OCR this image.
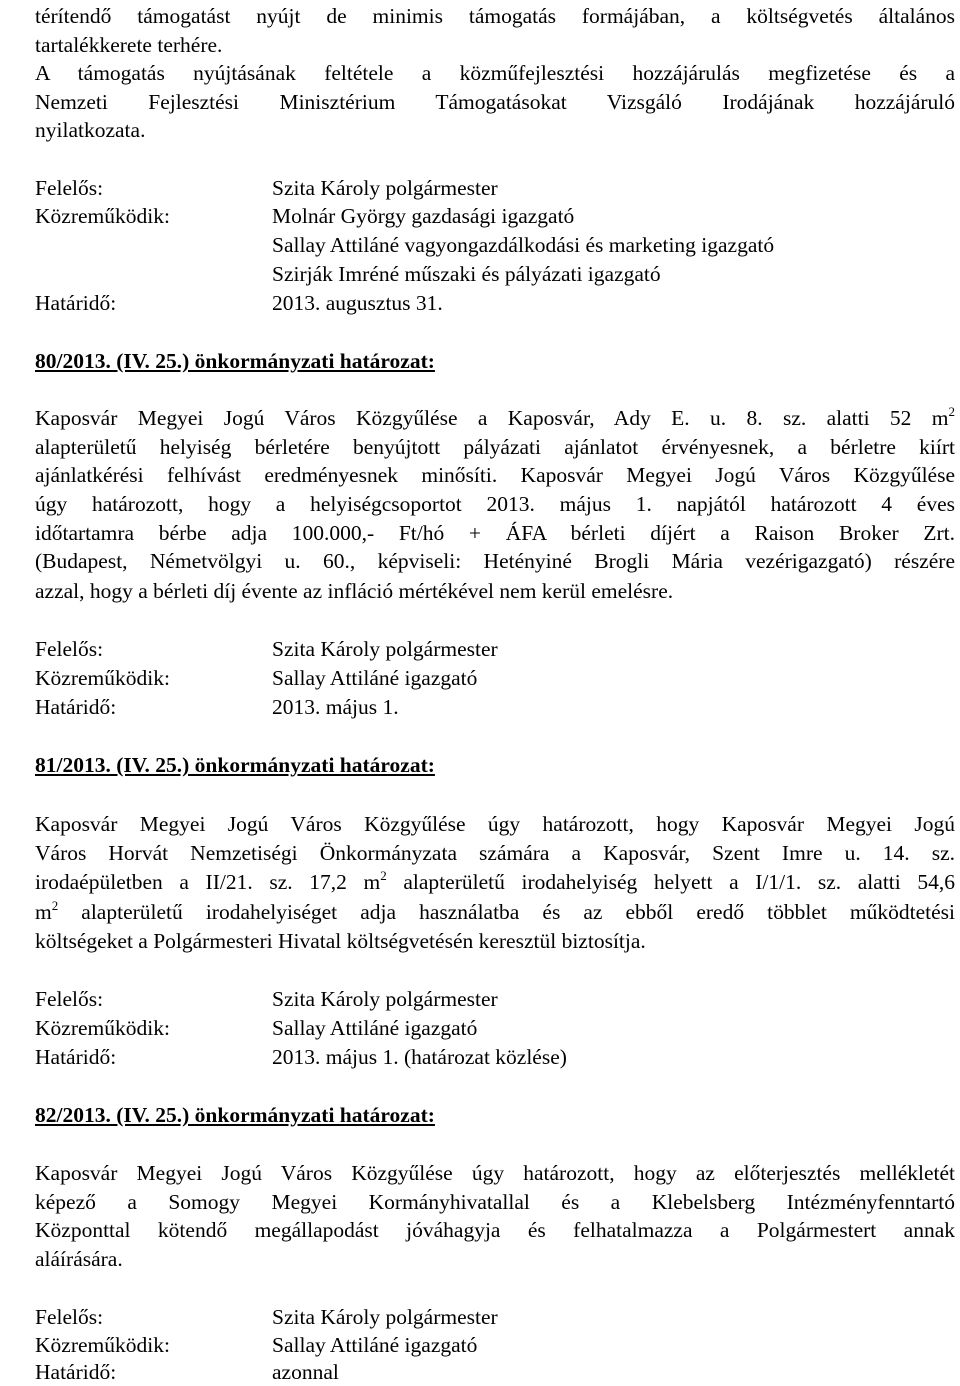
térítendő támogatást nyújt de minimis támogatás formájában, a költségvetés általános
tartalékkerete terhére.
A támogatás nyújtásának feltétele a közműfejlesztési hozzájárulás megfizetése és a
Nemzeti Fejlesztési Minisztérium Támogatásokat Vizsgáló Irodájának hozzájáruló
nyilatkozata.
Felelős:	Szita Károly polgármester
Közreműködik:	Molnár György gazdasági igazgató
Sallay Attiláné vagyongazdálkodási és marketing igazgató
Szirják Imréné műszaki és pályázati igazgató
Határidő:	2013. augusztus 31.
80/2013. (IV. 25.) önkormányzati határozat:
Kaposvár Megyei Jogú Város Közgyűlése a Kaposvár, Ady E. u. 8. sz. alatti 52 $m^2$
alapterületű helyiség bérletére benyújtott pályázati ajánlatot érvényesnek, a bérletre kiírt
ajánlatkérési felhívást eredményesnek minősíti. Kaposvár Megyei Jogú Város Közgyűlése
úgy határozott, hogy a helyiségcsoportot 2013. május 1. napjától határozott 4 éves
időtartamra bérbe adja 100.000,- Ft/hó + ÁFA bérleti díjért a Raison Broker Zrt.
(Budapest, Németvölgyi u. 60., képviseli: Hetényiné Brogli Mária vezérigazgató) részére
azzal, hogy a bérleti díj évente az infláció mértékével nem kerül emelésre.
Felelős:	Szita Károly polgármester
Közreműködik:	Sallay Attiláné igazgató
Határidő:	2013. május 1.
81/2013. (IV. 25.) önkormányzati határozat:
Kaposvár Megyei Jogú Város Közgyűlése úgy határozott, hogy Kaposvár Megyei Jogú
Város Horvát Nemzetiségi Önkormányzata számára a Kaposvár, Szent Imre u. 14. sz.
irodaépületben a II/21. sz. 17,2 $m^2$ alapterületű irodahelyiség helyett a I/1/1. sz. alatti 54,6
$m^2$ alapterületű irodahelyiséget adja használatba és az ebből eredő többlet működtetési
költségeket a Polgármesteri Hivatal költségvetésén keresztül biztosítja.
Felelős:	Szita Károly polgármester
Közreműködik:	Sallay Attiláné igazgató
Határidő:	2013. május 1. (határozat közlése)
82/2013. (IV. 25.) önkormányzati határozat:
Kaposvár Megyei Jogú Város Közgyűlése úgy határozott, hogy az előterjesztés mellékletét
képező a Somogy Megyei Kormányhivatallal és a Klebelsberg Intézményfenntartó
Központtal kötendő megállapodást jóváhagyja és felhatalmazza a Polgármestert annak
aláírására.
Felelős:	Szita Károly polgármester
Közreműködik:	Sallay Attiláné igazgató
Határidő:	azonnal
